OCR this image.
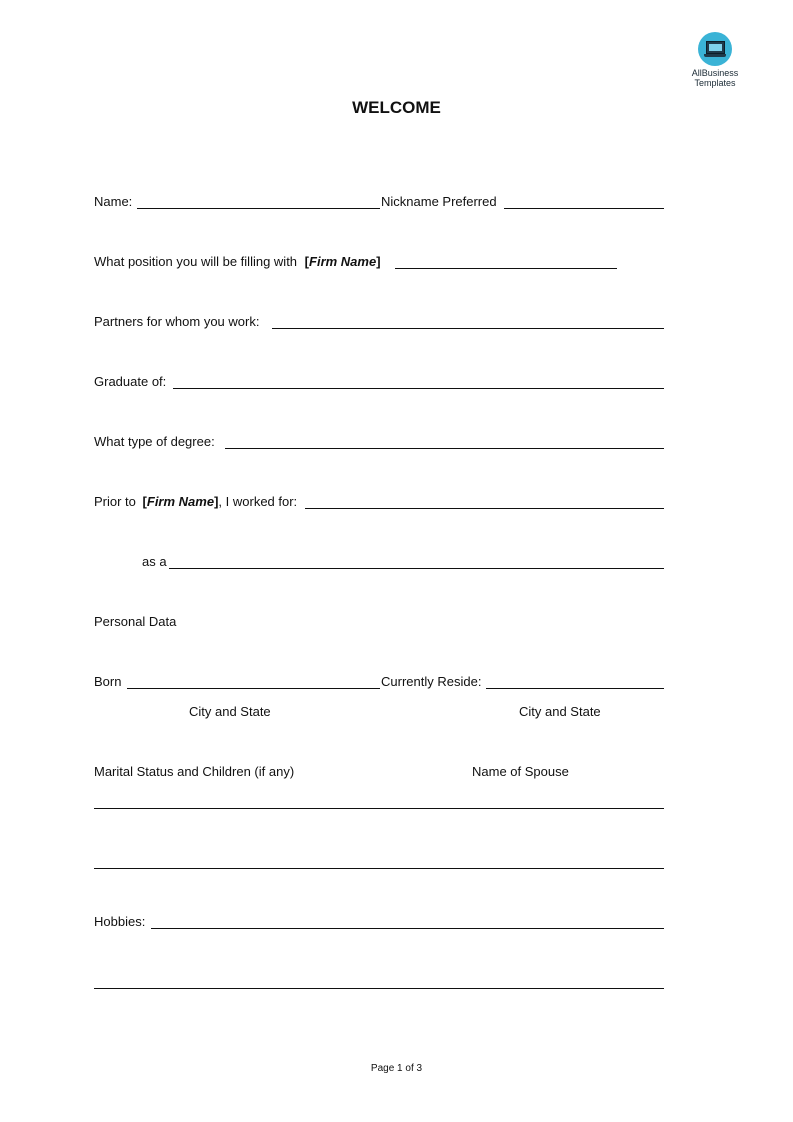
AllBusiness
Templates
WELCOME
Name:	Nickname Preferred
What position you will be filling with [Firm Name]
Partners for whom you work:
Graduate of:
What type of degree:
Prior to [Firm Name], I worked for:
as a
Personal Data
Born	Currently Reside:
City and State	City and State
Marital Status and Children (if any)	Name of Spouse
Hobbies:
Page 1 of 3
